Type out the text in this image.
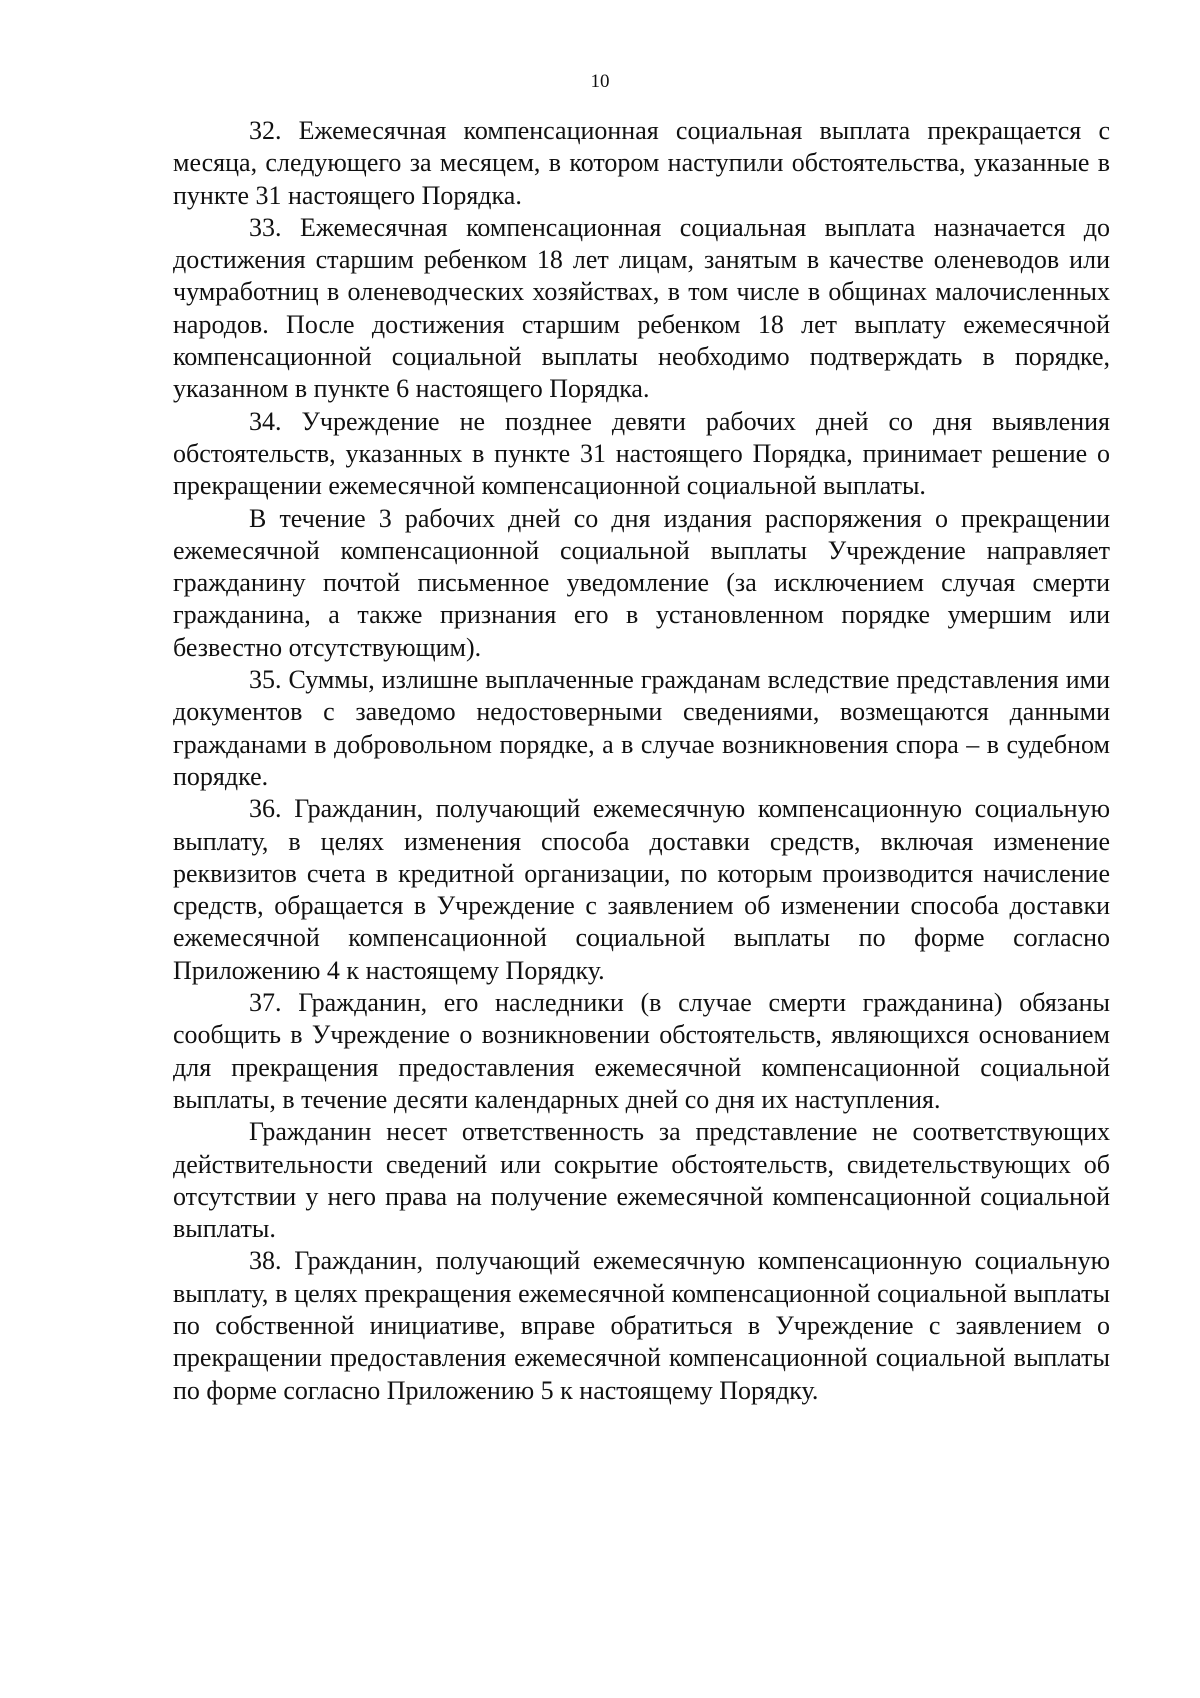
10

32. Ежемесячная компенсационная социальная выплата прекращается с месяца, следующего за месяцем, в котором наступили обстоятельства, указанные в пункте 31 настоящего Порядка.

33. Ежемесячная компенсационная социальная выплата назначается до достижения старшим ребенком 18 лет лицам, занятым в качестве оленеводов или чумработниц в оленеводческих хозяйствах, в том числе в общинах малочисленных народов. После достижения старшим ребенком 18 лет выплату ежемесячной компенсационной социальной выплаты необходимо подтверждать в порядке, указанном в пункте 6 настоящего Порядка.

34. Учреждение не позднее девяти рабочих дней со дня выявления обстоятельств, указанных в пункте 31 настоящего Порядка, принимает решение о прекращении ежемесячной компенсационной социальной выплаты.

В течение 3 рабочих дней со дня издания распоряжения о прекращении ежемесячной компенсационной социальной выплаты Учреждение направляет гражданину почтой письменное уведомление (за исключением случая смерти гражданина, а также признания его в установленном порядке умершим или безвестно отсутствующим).

35. Суммы, излишне выплаченные гражданам вследствие представления ими документов с заведомо недостоверными сведениями, возмещаются данными гражданами в добровольном порядке, а в случае возникновения спора – в судебном порядке.

36. Гражданин, получающий ежемесячную компенсационную социальную выплату, в целях изменения способа доставки средств, включая изменение реквизитов счета в кредитной организации, по которым производится начисление средств, обращается в Учреждение с заявлением об изменении способа доставки ежемесячной компенсационной социальной выплаты по форме согласно Приложению 4 к настоящему Порядку.

37. Гражданин, его наследники (в случае смерти гражданина) обязаны сообщить в Учреждение о возникновении обстоятельств, являющихся основанием для прекращения предоставления ежемесячной компенсационной социальной выплаты, в течение десяти календарных дней со дня их наступления.

Гражданин несет ответственность за представление не соответствующих действительности сведений или сокрытие обстоятельств, свидетельствующих об отсутствии у него права на получение ежемесячной компенсационной социальной выплаты.

38. Гражданин, получающий ежемесячную компенсационную социальную выплату, в целях прекращения ежемесячной компенсационной социальной выплаты по собственной инициативе, вправе обратиться в Учреждение с заявлением о прекращении предоставления ежемесячной компенсационной социальной выплаты по форме согласно Приложению 5 к настоящему Порядку.
